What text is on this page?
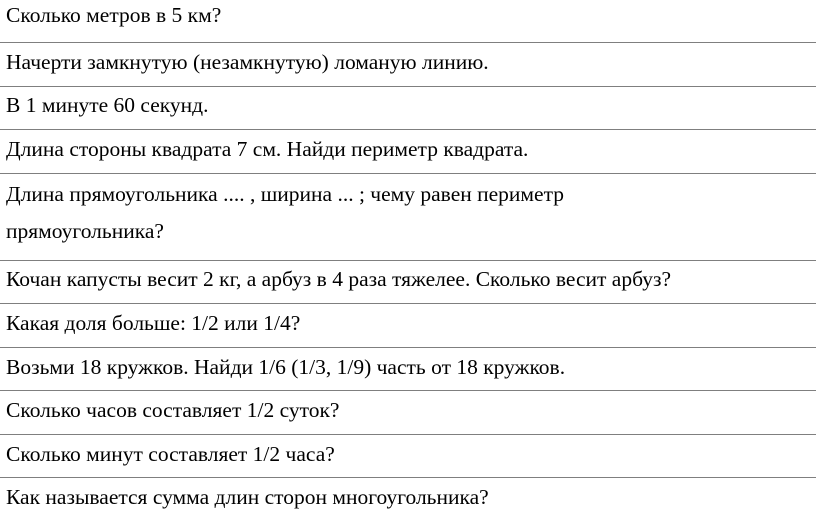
Сколько метров в 5 км?
Начерти замкнутую (незамкнутую) ломаную линию.
В 1 минуте 60 секунд.
Длина стороны квадрата 7 см. Найди периметр квадрата.
Длина прямоугольника .... , ширина ... ; чему равен периметр
прямоугольника?
Кочан капусты весит 2 кг, а арбуз в 4 раза тяжелее. Сколько весит арбуз?
Какая доля больше: 1/2 или 1/4?
Возьми 18 кружков. Найди 1/6 (1/3, 1/9) часть от 18 кружков.
Сколько часов составляет 1/2 суток?
Сколько минут составляет 1/2 часа?
Как называется сумма длин сторон многоугольника?
